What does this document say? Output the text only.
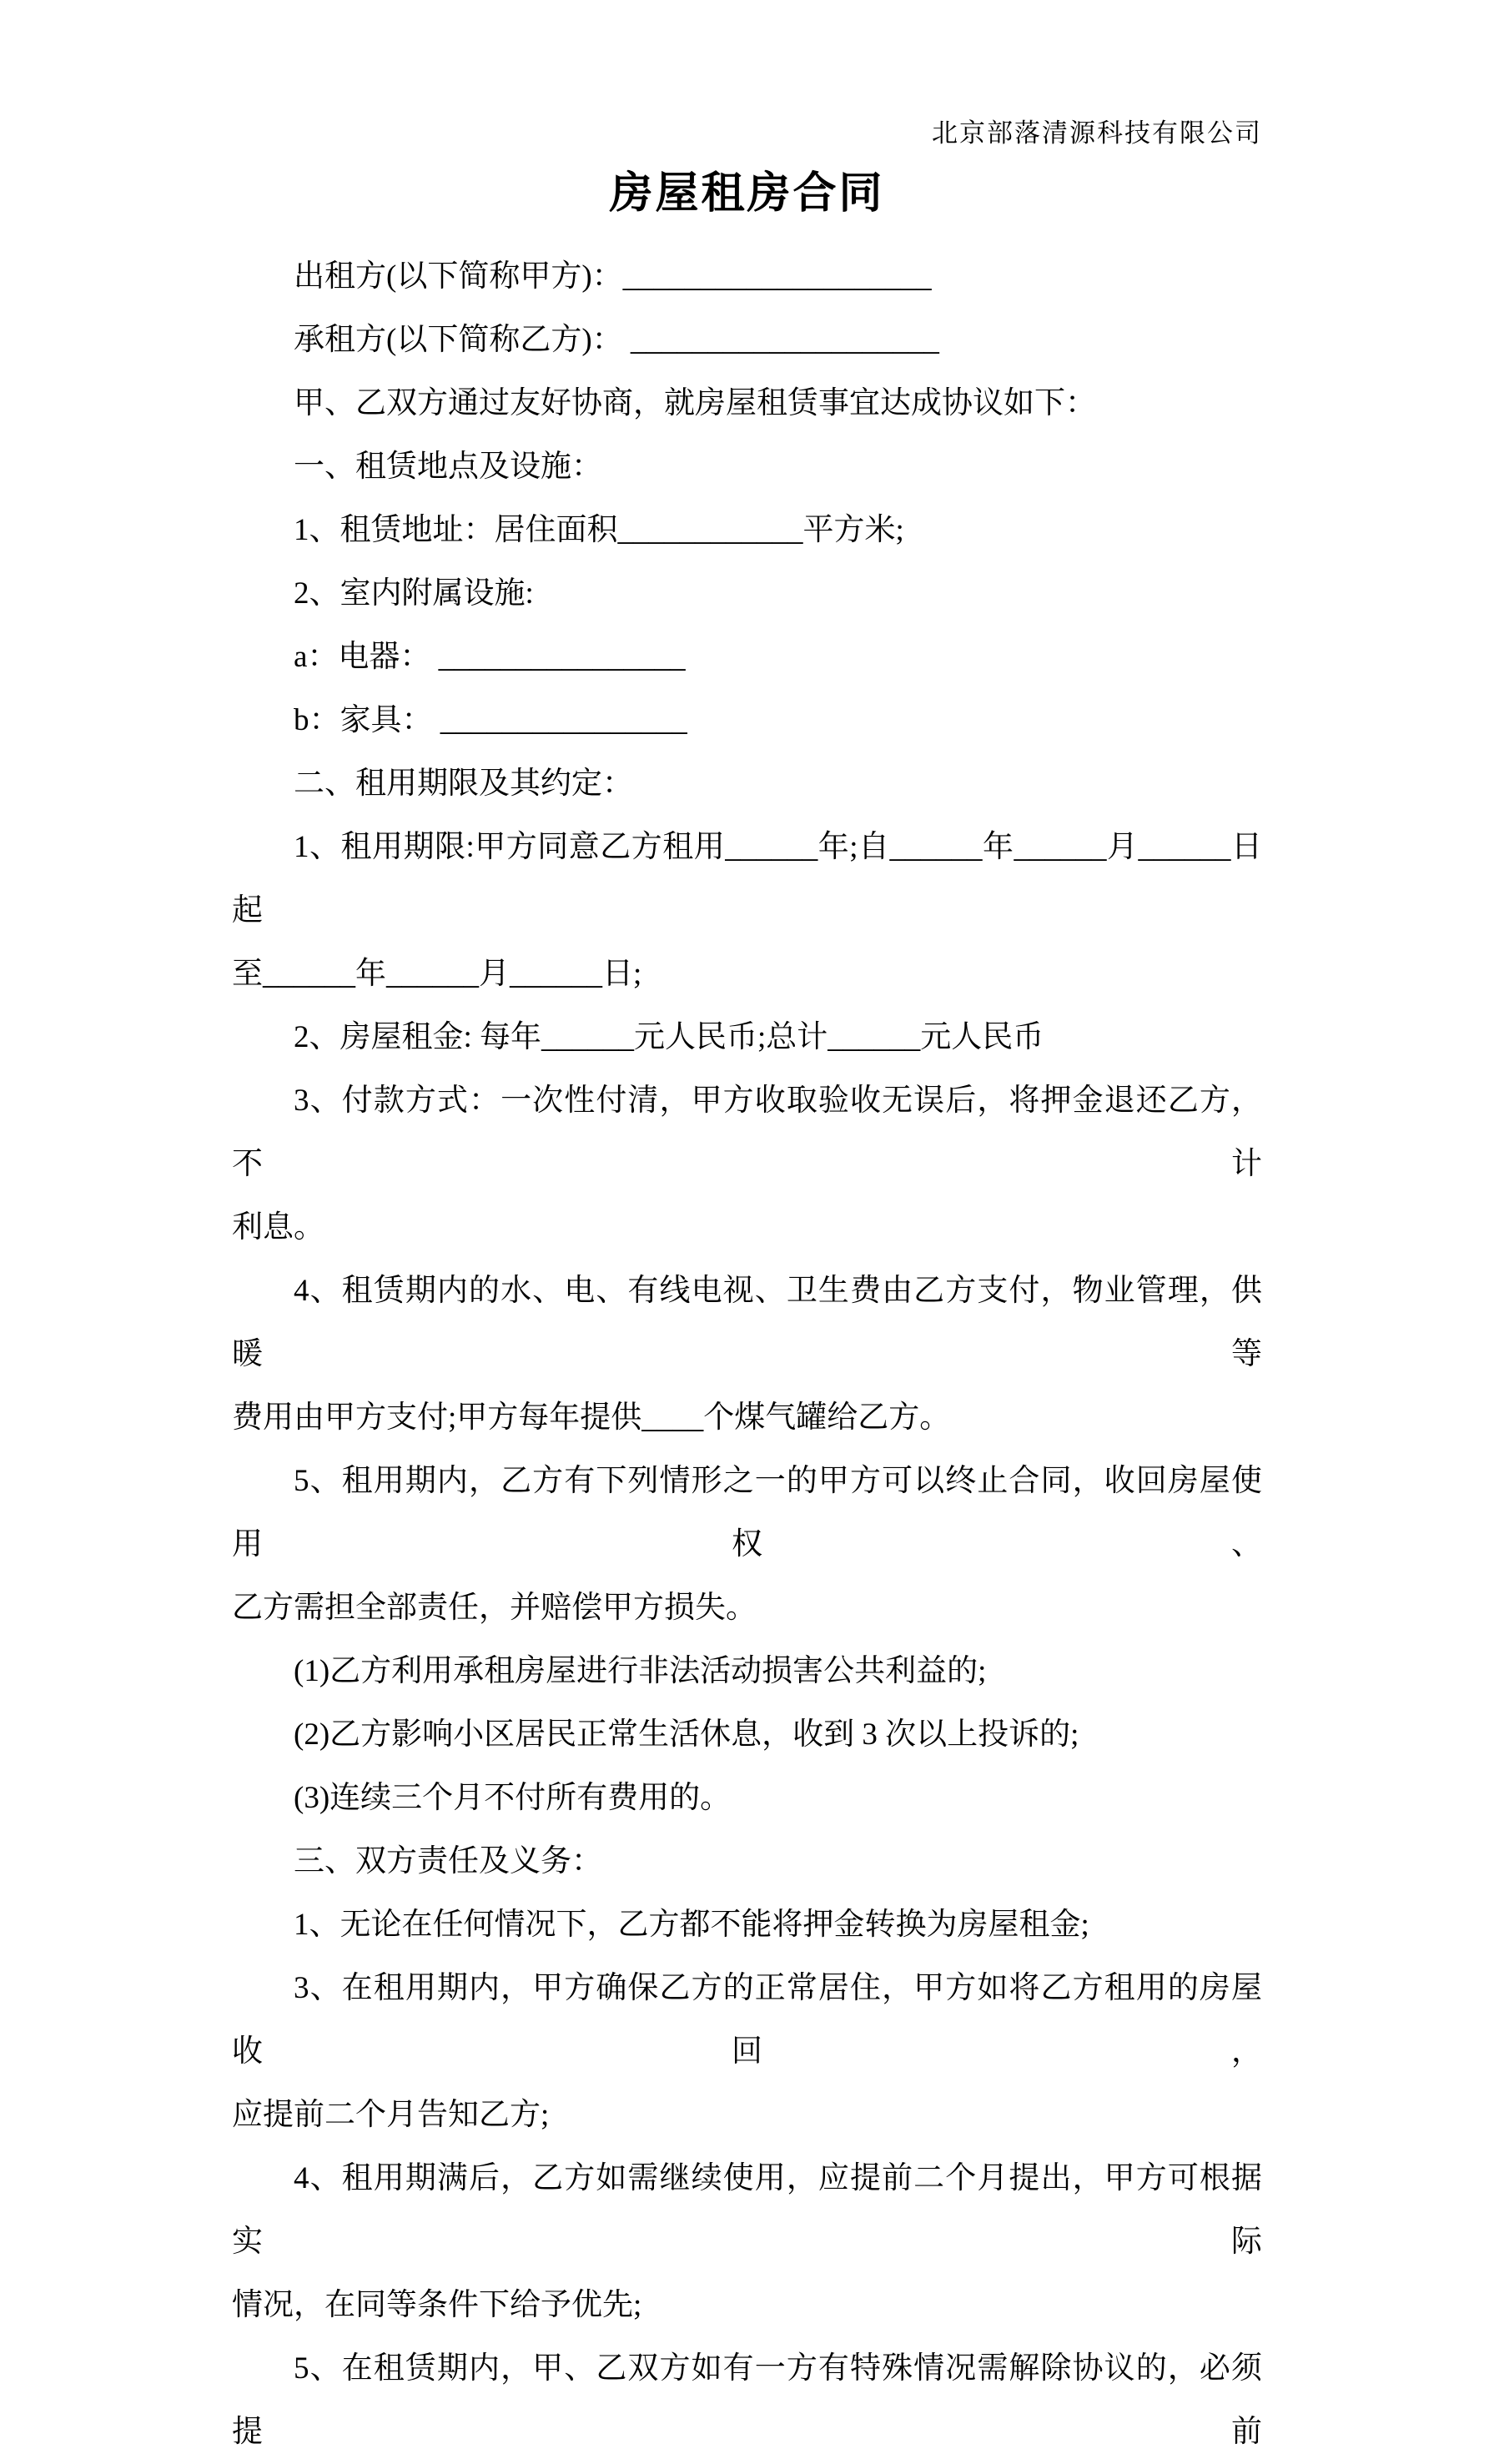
北京部落清源科技有限公司

房屋租房合同

出租方(以下简称甲方)：____________________

承租方(以下简称乙方)： ____________________

甲、乙双方通过友好协商，就房屋租赁事宜达成协议如下：

一、租赁地点及设施：

1、租赁地址：居住面积____________平方米;

2、室内附属设施:

a：电器： ________________

b：家具： ________________

二、租用期限及其约定：

1、租用期限:甲方同意乙方租用______年;自______年______月______日起

至______年______月______日;

2、房屋租金: 每年______元人民币;总计______元人民币

3、付款方式：一次性付清，甲方收取验收无误后，将押金退还乙方，不计

利息。

4、租赁期内的水、电、有线电视、卫生费由乙方支付，物业管理，供暖等

费用由甲方支付;甲方每年提供____个煤气罐给乙方。

5、租用期内，乙方有下列情形之一的甲方可以终止合同，收回房屋使用权、

乙方需担全部责任，并赔偿甲方损失。

(1)乙方利用承租房屋进行非法活动损害公共利益的;

(2)乙方影响小区居民正常生活休息，收到 3 次以上投诉的;

(3)连续三个月不付所有费用的。

三、双方责任及义务：

1、无论在任何情况下，乙方都不能将押金转换为房屋租金;

3、在租用期内，甲方确保乙方的正常居住，甲方如将乙方租用的房屋收回，

应提前二个月告知乙方;

4、租用期满后，乙方如需继续使用，应提前二个月提出，甲方可根据实际

情况，在同等条件下给予优先;

5、在租赁期内，甲、乙双方如有一方有特殊情况需解除协议的，必须提前
